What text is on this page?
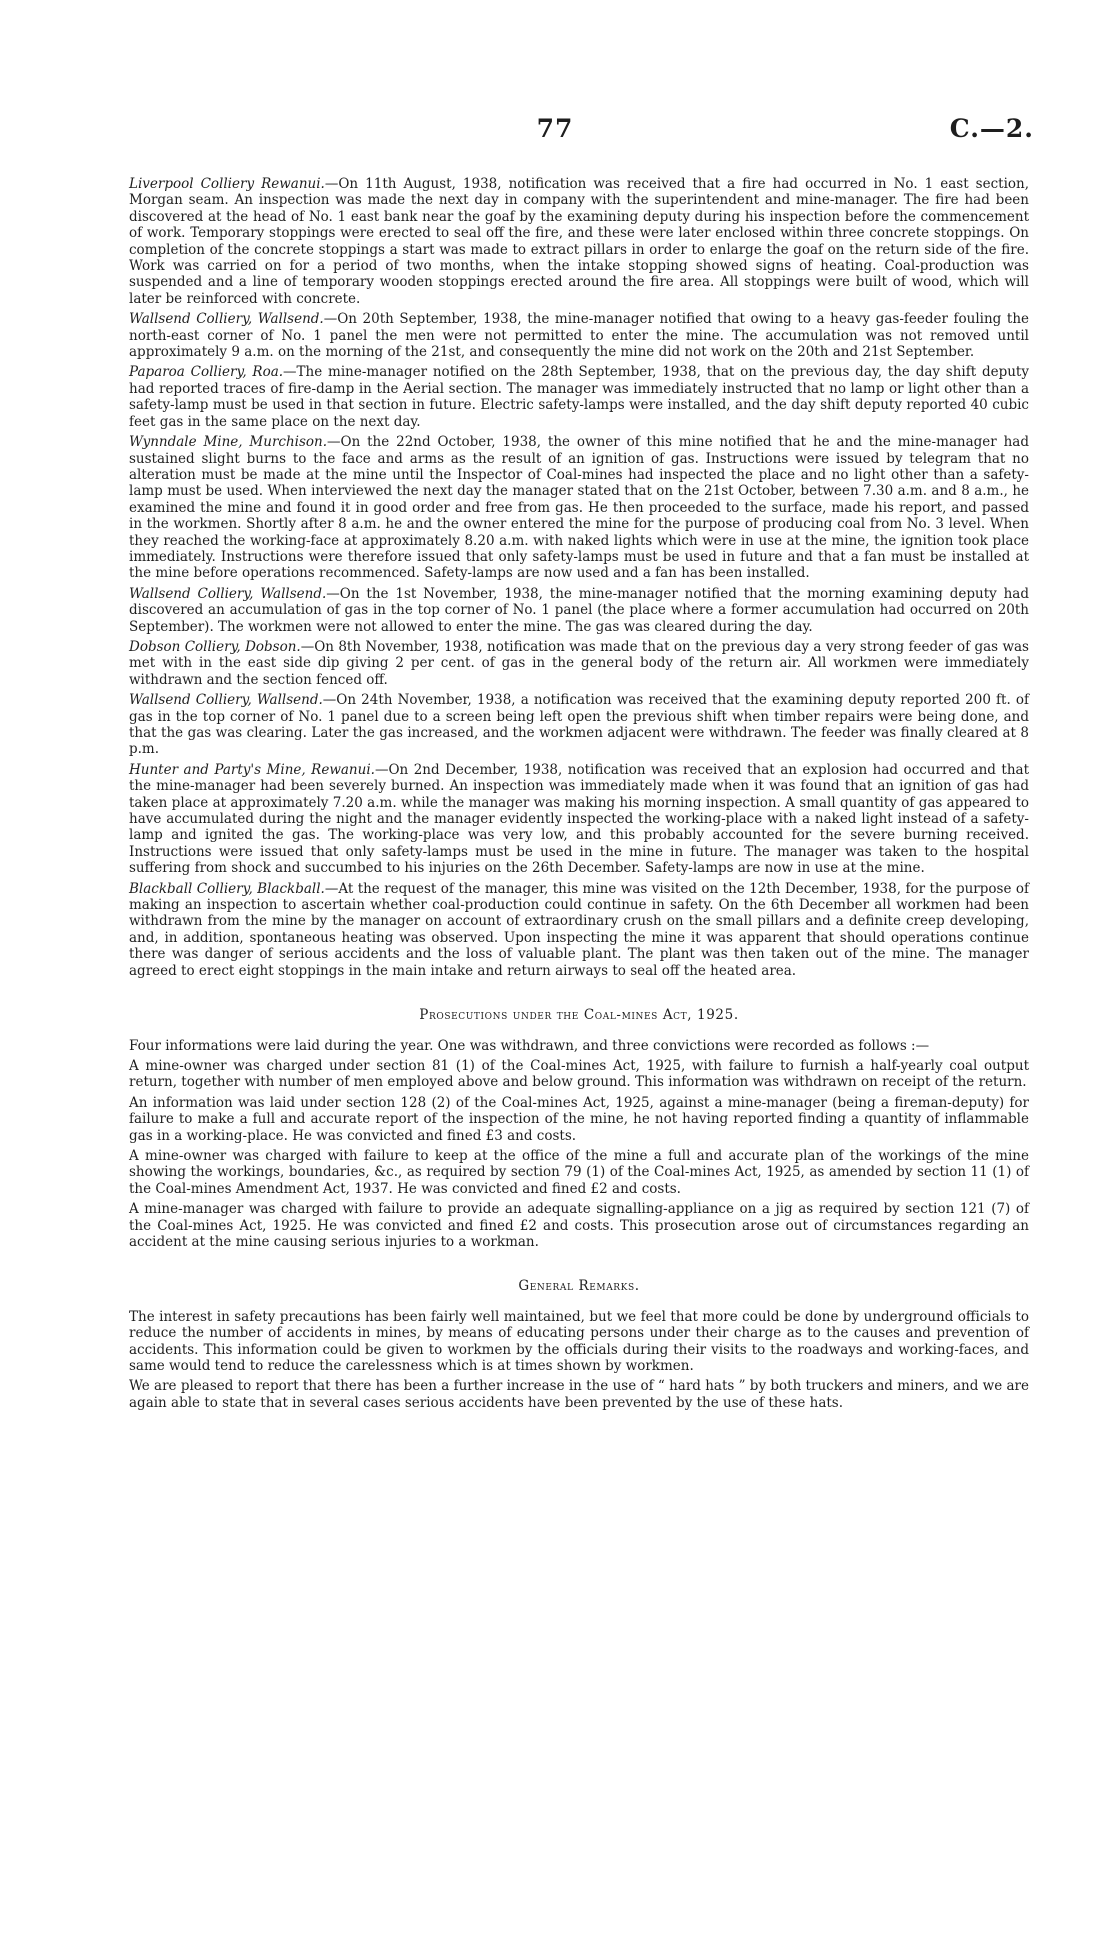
77	C.—2.

Liverpool Colliery Rewanui.—On 11th August, 1938, notification was received that a fire had occurred in No. 1 east section, Morgan seam. An inspection was made the next day in company with the superintendent and mine-manager. The fire had been discovered at the head of No. 1 east bank near the goaf by the examining deputy during his inspection before the commencement of work. Temporary stoppings were erected to seal off the fire, and these were later enclosed within three concrete stoppings. On completion of the concrete stoppings a start was made to extract pillars in order to enlarge the goaf on the return side of the fire. Work was carried on for a period of two months, when the intake stopping showed signs of heating. Coal-production was suspended and a line of temporary wooden stoppings erected around the fire area. All stoppings were built of wood, which will later be reinforced with concrete.

Wallsend Colliery, Wallsend.—On 20th September, 1938, the mine-manager notified that owing to a heavy gas-feeder fouling the north-east corner of No. 1 panel the men were not permitted to enter the mine. The accumulation was not removed until approximately 9 a.m. on the morning of the 21st, and consequently the mine did not work on the 20th and 21st September.

Paparoa Colliery, Roa.—The mine-manager notified on the 28th September, 1938, that on the previous day, the day shift deputy had reported traces of fire-damp in the Aerial section. The manager was immediately instructed that no lamp or light other than a safety-lamp must be used in that section in future. Electric safety-lamps were installed, and the day shift deputy reported 40 cubic feet gas in the same place on the next day.

Wynndale Mine, Murchison.—On the 22nd October, 1938, the owner of this mine notified that he and the mine-manager had sustained slight burns to the face and arms as the result of an ignition of gas. Instructions were issued by telegram that no alteration must be made at the mine until the Inspector of Coal-mines had inspected the place and no light other than a safety-lamp must be used. When interviewed the next day the manager stated that on the 21st October, between 7.30 a.m. and 8 a.m., he examined the mine and found it in good order and free from gas. He then proceeded to the surface, made his report, and passed in the workmen. Shortly after 8 a.m. he and the owner entered the mine for the purpose of producing coal from No. 3 level. When they reached the working-face at approximately 8.20 a.m. with naked lights which were in use at the mine, the ignition took place immediately. Instructions were therefore issued that only safety-lamps must be used in future and that a fan must be installed at the mine before operations recommenced. Safety-lamps are now used and a fan has been installed.

Wallsend Colliery, Wallsend.—On the 1st November, 1938, the mine-manager notified that the morning examining deputy had discovered an accumulation of gas in the top corner of No. 1 panel (the place where a former accumulation had occurred on 20th September). The workmen were not allowed to enter the mine. The gas was cleared during the day.

Dobson Colliery, Dobson.—On 8th November, 1938, notification was made that on the previous day a very strong feeder of gas was met with in the east side dip giving 2 per cent. of gas in the general body of the return air. All workmen were immediately withdrawn and the section fenced off.

Wallsend Colliery, Wallsend.—On 24th November, 1938, a notification was received that the examining deputy reported 200 ft. of gas in the top corner of No. 1 panel due to a screen being left open the previous shift when timber repairs were being done, and that the gas was clearing. Later the gas increased, and the workmen adjacent were withdrawn. The feeder was finally cleared at 8 p.m.

Hunter and Party's Mine, Rewanui.—On 2nd December, 1938, notification was received that an explosion had occurred and that the mine-manager had been severely burned. An inspection was immediately made when it was found that an ignition of gas had taken place at approximately 7.20 a.m. while the manager was making his morning inspection. A small quantity of gas appeared to have accumulated during the night and the manager evidently inspected the working-place with a naked light instead of a safety-lamp and ignited the gas. The working-place was very low, and this probably accounted for the severe burning received. Instructions were issued that only safety-lamps must be used in the mine in future. The manager was taken to the hospital suffering from shock and succumbed to his injuries on the 26th December. Safety-lamps are now in use at the mine.

Blackball Colliery, Blackball.—At the request of the manager, this mine was visited on the 12th December, 1938, for the purpose of making an inspection to ascertain whether coal-production could continue in safety. On the 6th December all workmen had been withdrawn from the mine by the manager on account of extraordinary crush on the small pillars and a definite creep developing, and, in addition, spontaneous heating was observed. Upon inspecting the mine it was apparent that should operations continue there was danger of serious accidents and the loss of valuable plant. The plant was then taken out of the mine. The manager agreed to erect eight stoppings in the main intake and return airways to seal off the heated area.

Prosecutions under the Coal-mines Act, 1925.

Four informations were laid during the year. One was withdrawn, and three convictions were recorded as follows :—

A mine-owner was charged under section 81 (1) of the Coal-mines Act, 1925, with failure to furnish a half-yearly coal output return, together with number of men employed above and below ground. This information was withdrawn on receipt of the return.

An information was laid under section 128 (2) of the Coal-mines Act, 1925, against a mine-manager (being a fireman-deputy) for failure to make a full and accurate report of the inspection of the mine, he not having reported finding a quantity of inflammable gas in a working-place. He was convicted and fined £3 and costs.

A mine-owner was charged with failure to keep at the office of the mine a full and accurate plan of the workings of the mine showing the workings, boundaries, &c., as required by section 79 (1) of the Coal-mines Act, 1925, as amended by section 11 (1) of the Coal-mines Amendment Act, 1937. He was convicted and fined £2 and costs.

A mine-manager was charged with failure to provide an adequate signalling-appliance on a jig as required by section 121 (7) of the Coal-mines Act, 1925. He was convicted and fined £2 and costs. This prosecution arose out of circumstances regarding an accident at the mine causing serious injuries to a workman.

General Remarks.

The interest in safety precautions has been fairly well maintained, but we feel that more could be done by underground officials to reduce the number of accidents in mines, by means of educating persons under their charge as to the causes and prevention of accidents. This information could be given to workmen by the officials during their visits to the roadways and working-faces, and same would tend to reduce the carelessness which is at times shown by workmen.

We are pleased to report that there has been a further increase in the use of “ hard hats ” by both truckers and miners, and we are again able to state that in several cases serious accidents have been prevented by the use of these hats.
